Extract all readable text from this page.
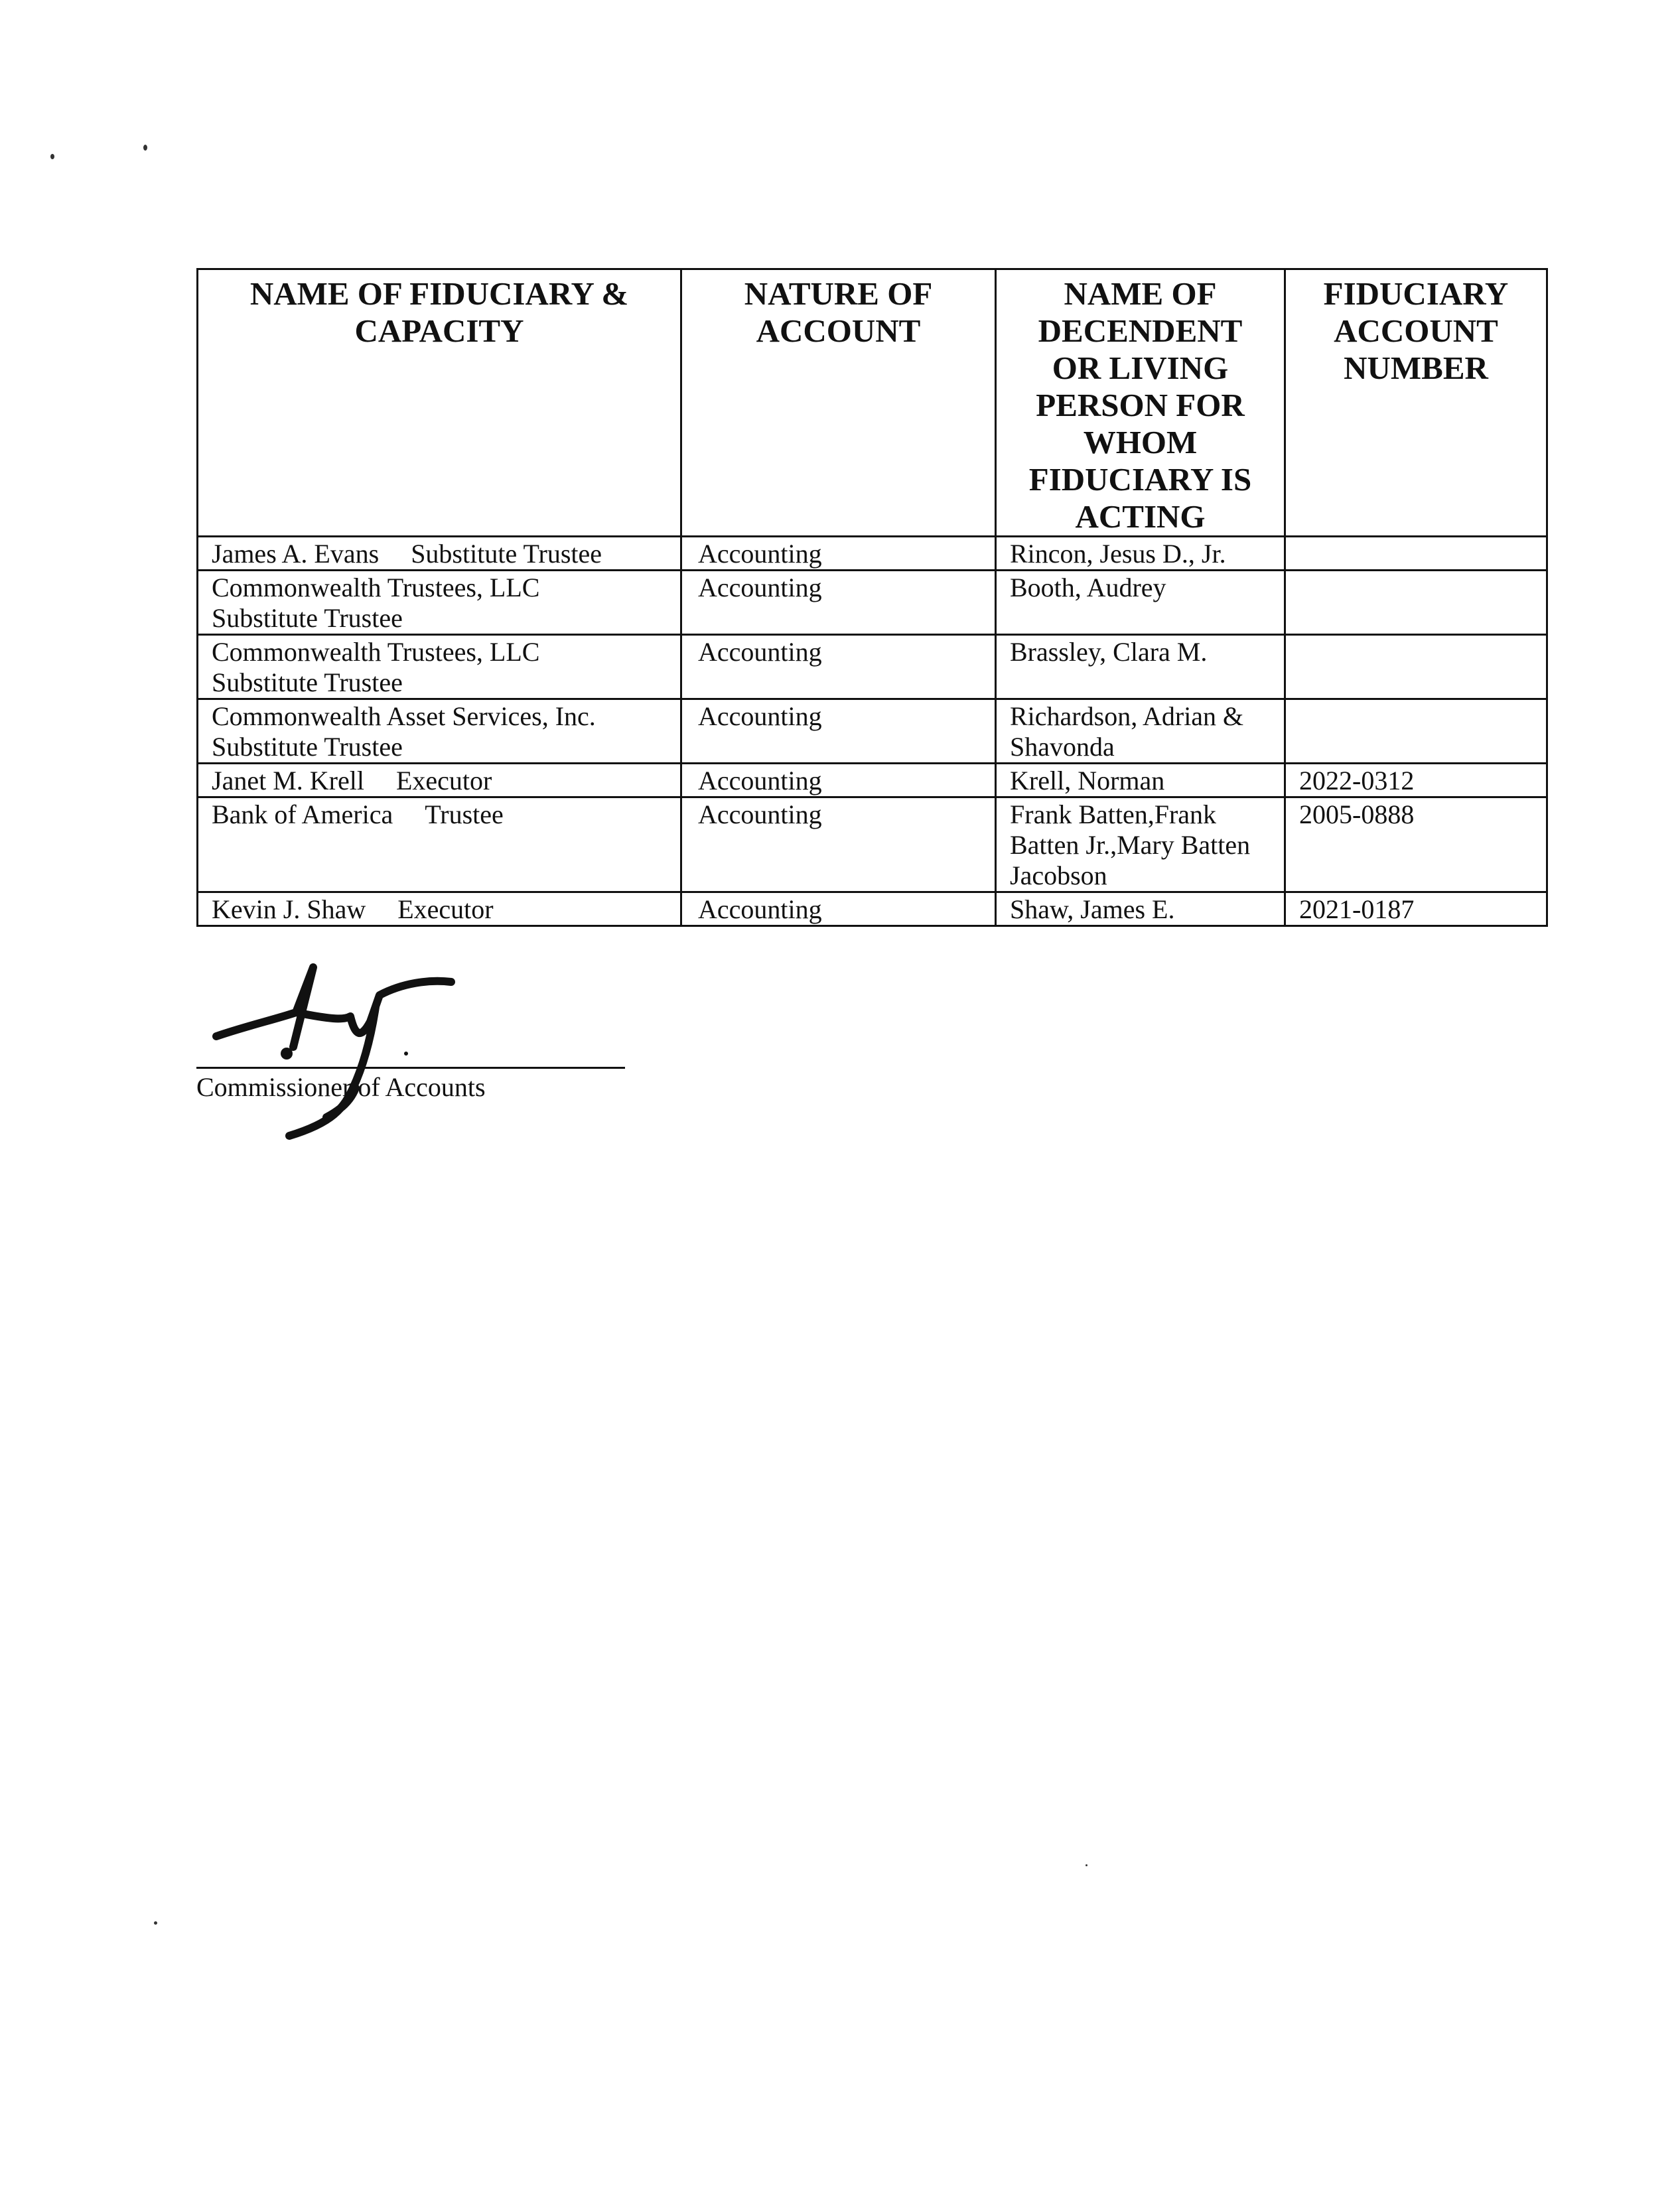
NAME OF FIDUCIARY & CAPACITY	NATURE OF ACCOUNT	NAME OF DECENDENT OR LIVING PERSON FOR WHOM FIDUCIARY IS ACTING	FIDUCIARY ACCOUNT NUMBER
James A. Evans Substitute Trustee	Accounting	Rincon, Jesus D., Jr.	
Commonwealth Trustees, LLC
Substitute Trustee	Accounting	Booth, Audrey	
Commonwealth Trustees, LLC
Substitute Trustee	Accounting	Brassley, Clara M.	
Commonwealth Asset Services, Inc.
Substitute Trustee	Accounting	Richardson, Adrian & Shavonda	
Janet M. Krell Executor	Accounting	Krell, Norman	2022-0312
Bank of America Trustee	Accounting	Frank Batten,Frank Batten Jr.,Mary Batten Jacobson	2005-0888
Kevin J. Shaw Executor	Accounting	Shaw, James E.	2021-0187
Commissioner of Accounts
